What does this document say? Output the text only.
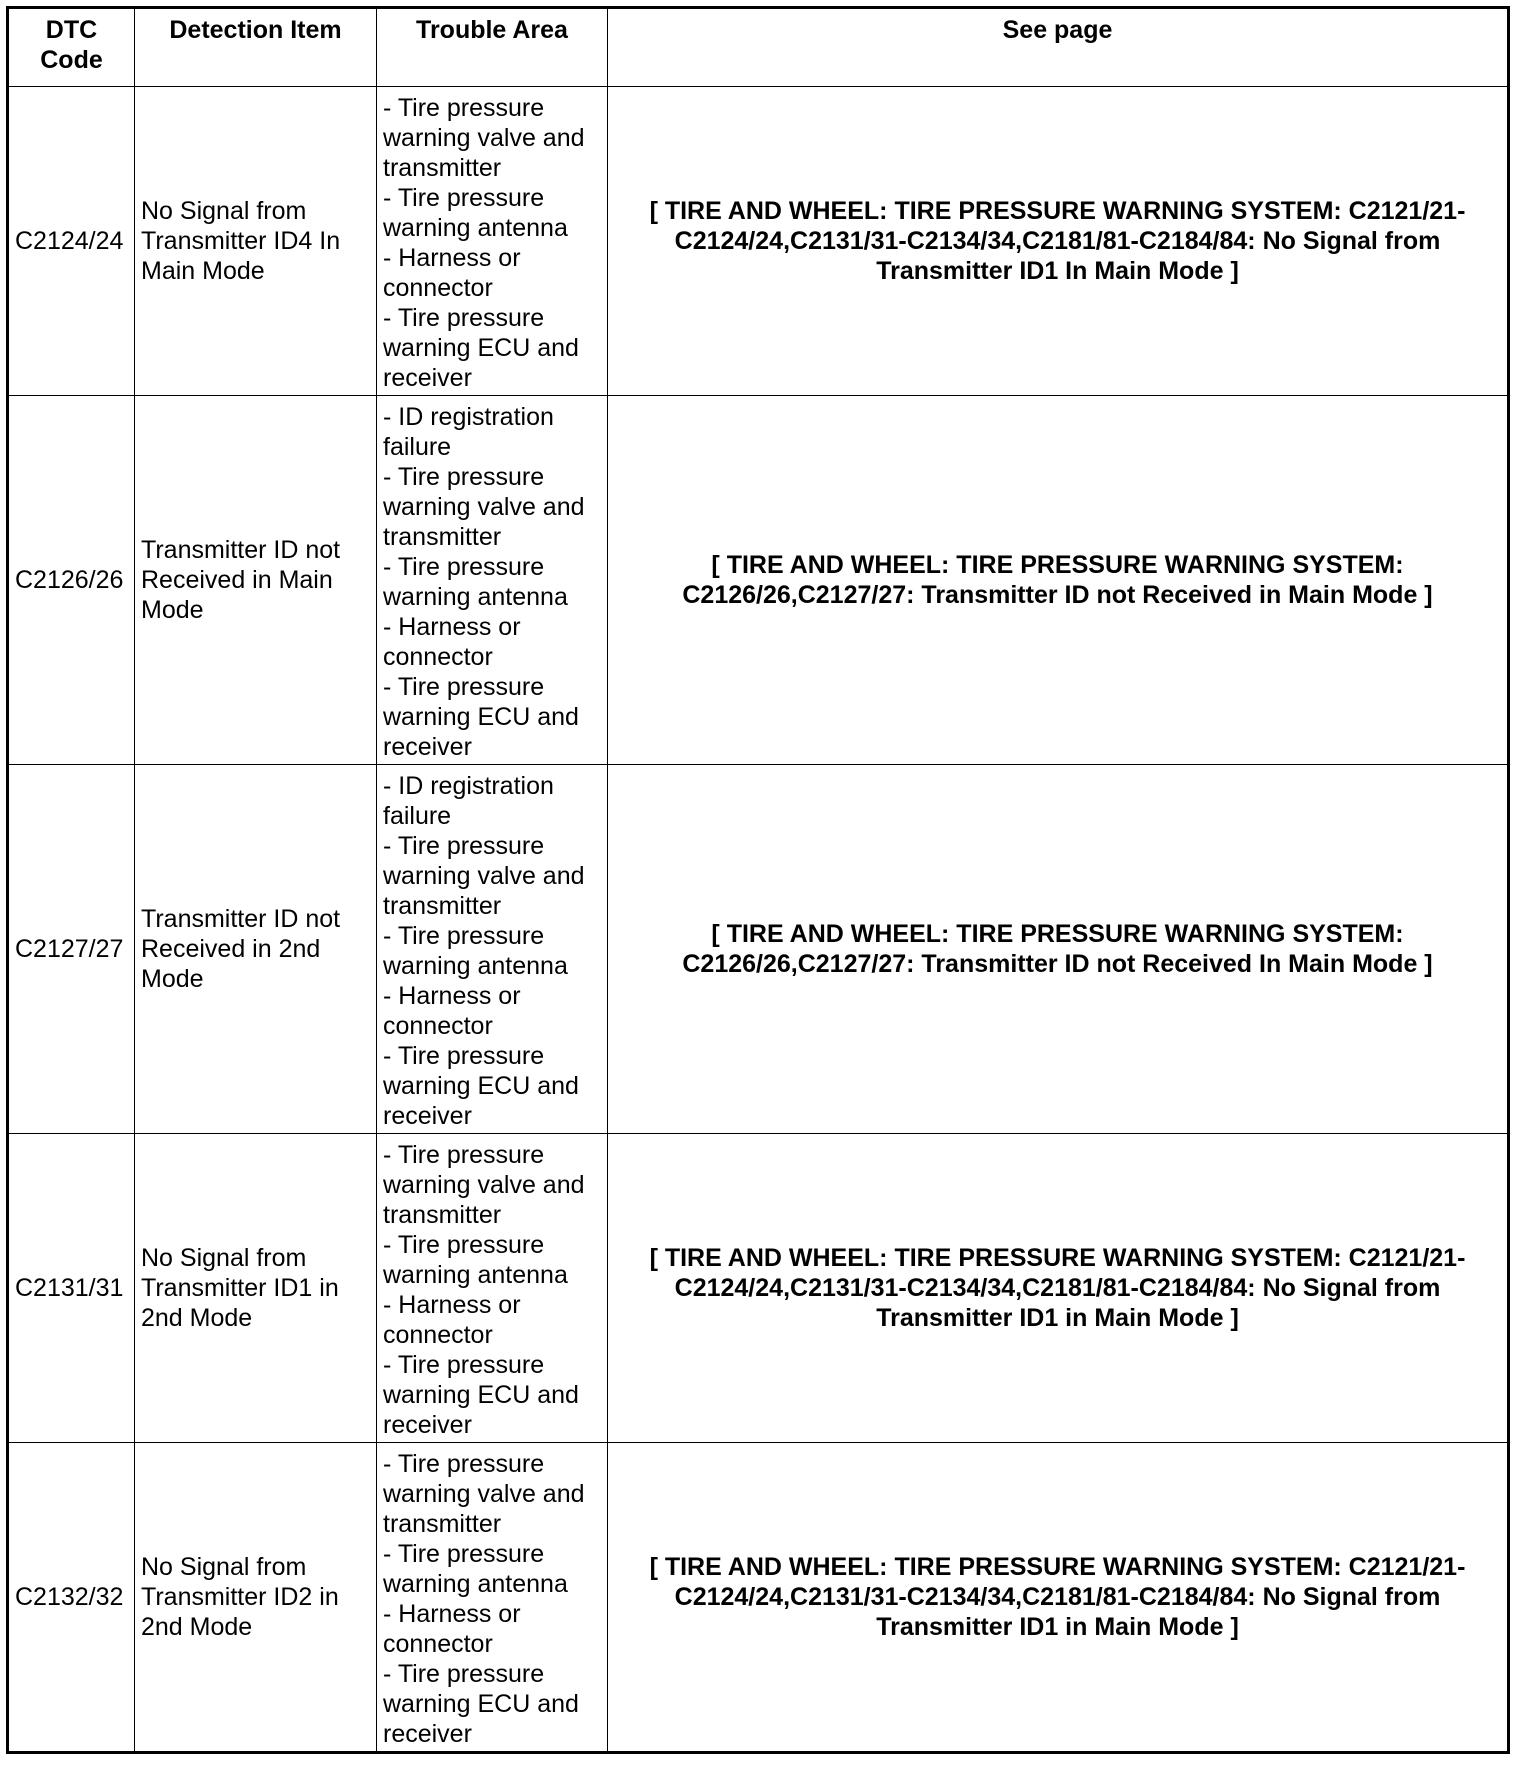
DTC Code	Detection Item	Trouble Area	See page
C2124/24	No Signal from Transmitter ID4 In Main Mode	- Tire pressure warning valve and transmitter
- Tire pressure warning antenna
- Harness or connector
- Tire pressure warning ECU and receiver	[ TIRE AND WHEEL: TIRE PRESSURE WARNING SYSTEM: C2121/21-C2124/24,C2131/31-C2134/34,C2181/81-C2184/84: No Signal from Transmitter ID1 In Main Mode ]
C2126/26	Transmitter ID not Received in Main Mode	- ID registration failure
- Tire pressure warning valve and transmitter
- Tire pressure warning antenna
- Harness or connector
- Tire pressure warning ECU and receiver	[ TIRE AND WHEEL: TIRE PRESSURE WARNING SYSTEM: C2126/26,C2127/27: Transmitter ID not Received in Main Mode ]
C2127/27	Transmitter ID not Received in 2nd Mode	- ID registration failure
- Tire pressure warning valve and transmitter
- Tire pressure warning antenna
- Harness or connector
- Tire pressure warning ECU and receiver	[ TIRE AND WHEEL: TIRE PRESSURE WARNING SYSTEM: C2126/26,C2127/27: Transmitter ID not Received In Main Mode ]
C2131/31	No Signal from Transmitter ID1 in 2nd Mode	- Tire pressure warning valve and transmitter
- Tire pressure warning antenna
- Harness or connector
- Tire pressure warning ECU and receiver	[ TIRE AND WHEEL: TIRE PRESSURE WARNING SYSTEM: C2121/21-C2124/24,C2131/31-C2134/34,C2181/81-C2184/84: No Signal from Transmitter ID1 in Main Mode ]
C2132/32	No Signal from Transmitter ID2 in 2nd Mode	- Tire pressure warning valve and transmitter
- Tire pressure warning antenna
- Harness or connector
- Tire pressure warning ECU and receiver	[ TIRE AND WHEEL: TIRE PRESSURE WARNING SYSTEM: C2121/21-C2124/24,C2131/31-C2134/34,C2181/81-C2184/84: No Signal from Transmitter ID1 in Main Mode ]
